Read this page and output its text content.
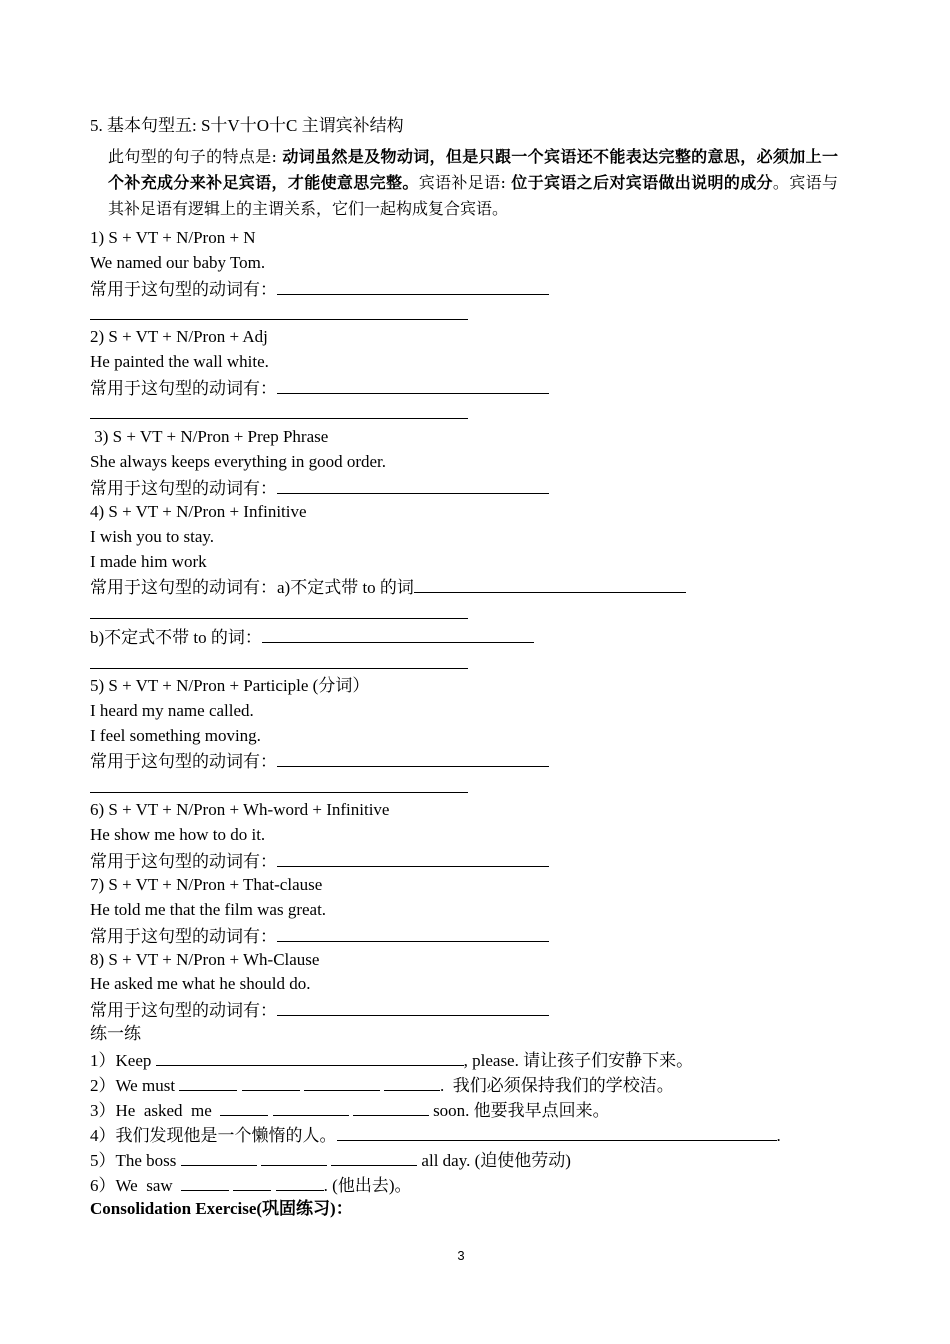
5. 基本句型五: S十V十O十C 主谓宾补结构
此句型的句子的特点是: 动词虽然是及物动词，但是只跟一个宾语还不能表达完整的意思，必须加上一个补充成分来补足宾语，才能使意思完整。宾语补足语: 位于宾语之后对宾语做出说明的成分。宾语与其补足语有逻辑上的主谓关系，它们一起构成复合宾语。
1) S + VT + N/Pron + N
We named our baby Tom.
常用于这句型的动词有：
2) S + VT + N/Pron + Adj
He painted the wall white.
常用于这句型的动词有：
3) S + VT + N/Pron + Prep Phrase
She always keeps everything in good order.
常用于这句型的动词有：
4) S + VT + N/Pron + Infinitive
I wish you to stay.
I made him work
常用于这句型的动词有：a)不定式带 to 的词
b)不定式不带 to 的词：
5) S + VT + N/Pron + Participle (分词）
I heard my name called.
I feel something moving.
常用于这句型的动词有：
6) S + VT + N/Pron + Wh-word + Infinitive
He show me how to do it.
常用于这句型的动词有：
7) S + VT + N/Pron + That-clause
He told me that the film was great.
常用于这句型的动词有：
8) S + VT + N/Pron + Wh-Clause
He asked me what he should do.
常用于这句型的动词有：
练一练
1）Keep	, please. 请让孩子们安静下来。
2）We must	.  我们必须保持我们的学校洁。
3）He  asked  me	soon. 他要我早点回来。
4）我们发现他是一个懒惰的人。	.
5）The boss	all day. (迫使他劳动)
6）We  saw	. (他出去)。
Consolidation Exercise(巩固练习)：
3
